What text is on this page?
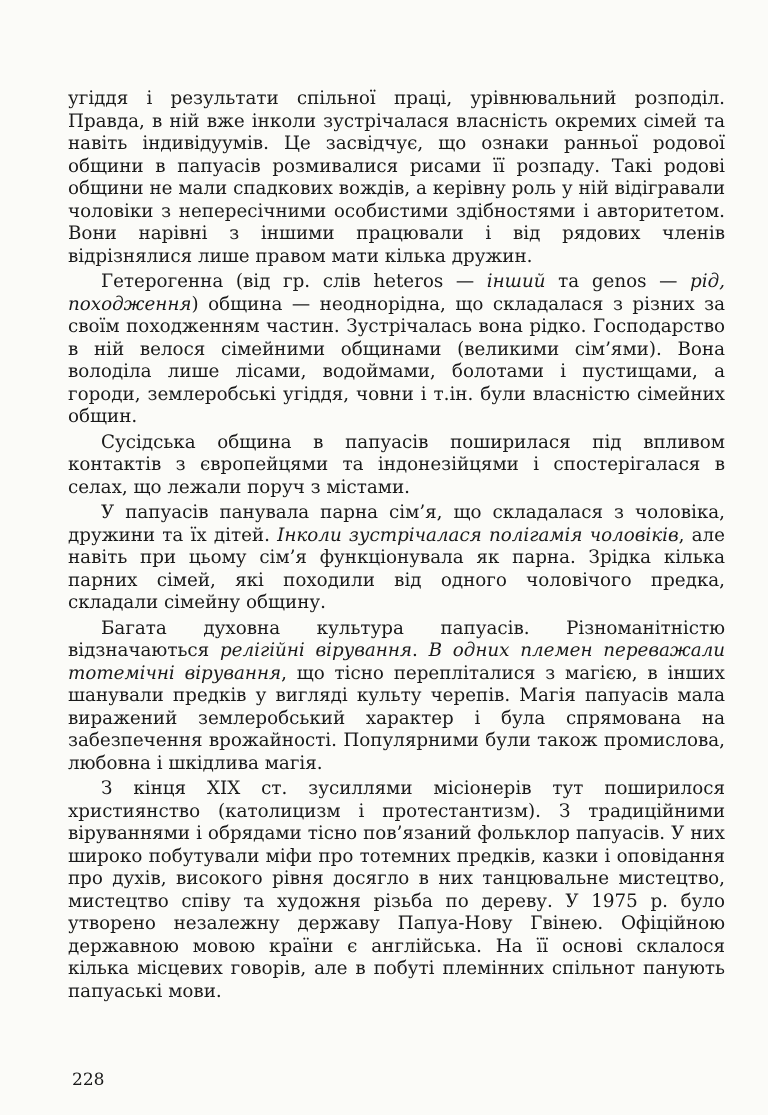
угіддя і результати спільної праці, урівнювальний розподіл. Правда, в ній вже інколи зустрічалася власність окремих сімей та навіть індивідуумів. Це засвідчує, що ознаки ранньої родової общини в папуасів розмивалися рисами її розпаду. Такі родові общини не мали спадкових вождів, а керівну роль у ній відігравали чоловіки з непересічними особистими здібностями і авторитетом. Вони нарівні з іншими працювали і від рядових членів відрізнялися лише правом мати кілька дружин.

Гетерогенна (від гр. слів heteros — інший та genos — рід, походження) община — неоднорідна, що складалася з різних за своїм походженням частин. Зустрічалась вона рідко. Господарство в ній велося сімейними общинами (великими сім’ями). Вона володіла лише лісами, водоймами, болотами і пустищами, а городи, землеробські угіддя, човни і т.ін. були власністю сімейних общин.

Сусідська община в папуасів поширилася під впливом контактів з європейцями та індонезійцями і спостерігалася в селах, що лежали поруч з містами.

У папуасів панувала парна сім’я, що складалася з чоловіка, дружини та їх дітей. Інколи зустрічалася полігамія чоловіків, але навіть при цьому сім’я функціонувала як парна. Зрідка кілька парних сімей, які походили від одного чоловічого предка, складали сімейну общину.

Багата духовна культура папуасів. Різноманітністю відзначаються релігійні вірування. В одних племен переважали тотемічні вірування, що тісно перепліталися з магією, в інших шанували предків у вигляді культу черепів. Магія папуасів мала виражений землеробський характер і була спрямована на забезпечення врожайності. Популярними були також промислова, любовна і шкідлива магія.

З кінця XIX ст. зусиллями місіонерів тут поширилося християнство (католицизм і протестантизм). З традиційними віруваннями і обрядами тісно пов’язаний фольклор папуасів. У них широко побутували міфи про тотемних предків, казки і оповідання про духів, високого рівня досягло в них танцювальне мистецтво, мистецтво співу та художня різьба по дереву. У 1975 р. було утворено незалежну державу Папуа-Нову Гвінею. Офіційною державною мовою країни є англійська. На її основі склалося кілька місцевих говорів, але в побуті племінних спільнот панують папуаські мови.

228
